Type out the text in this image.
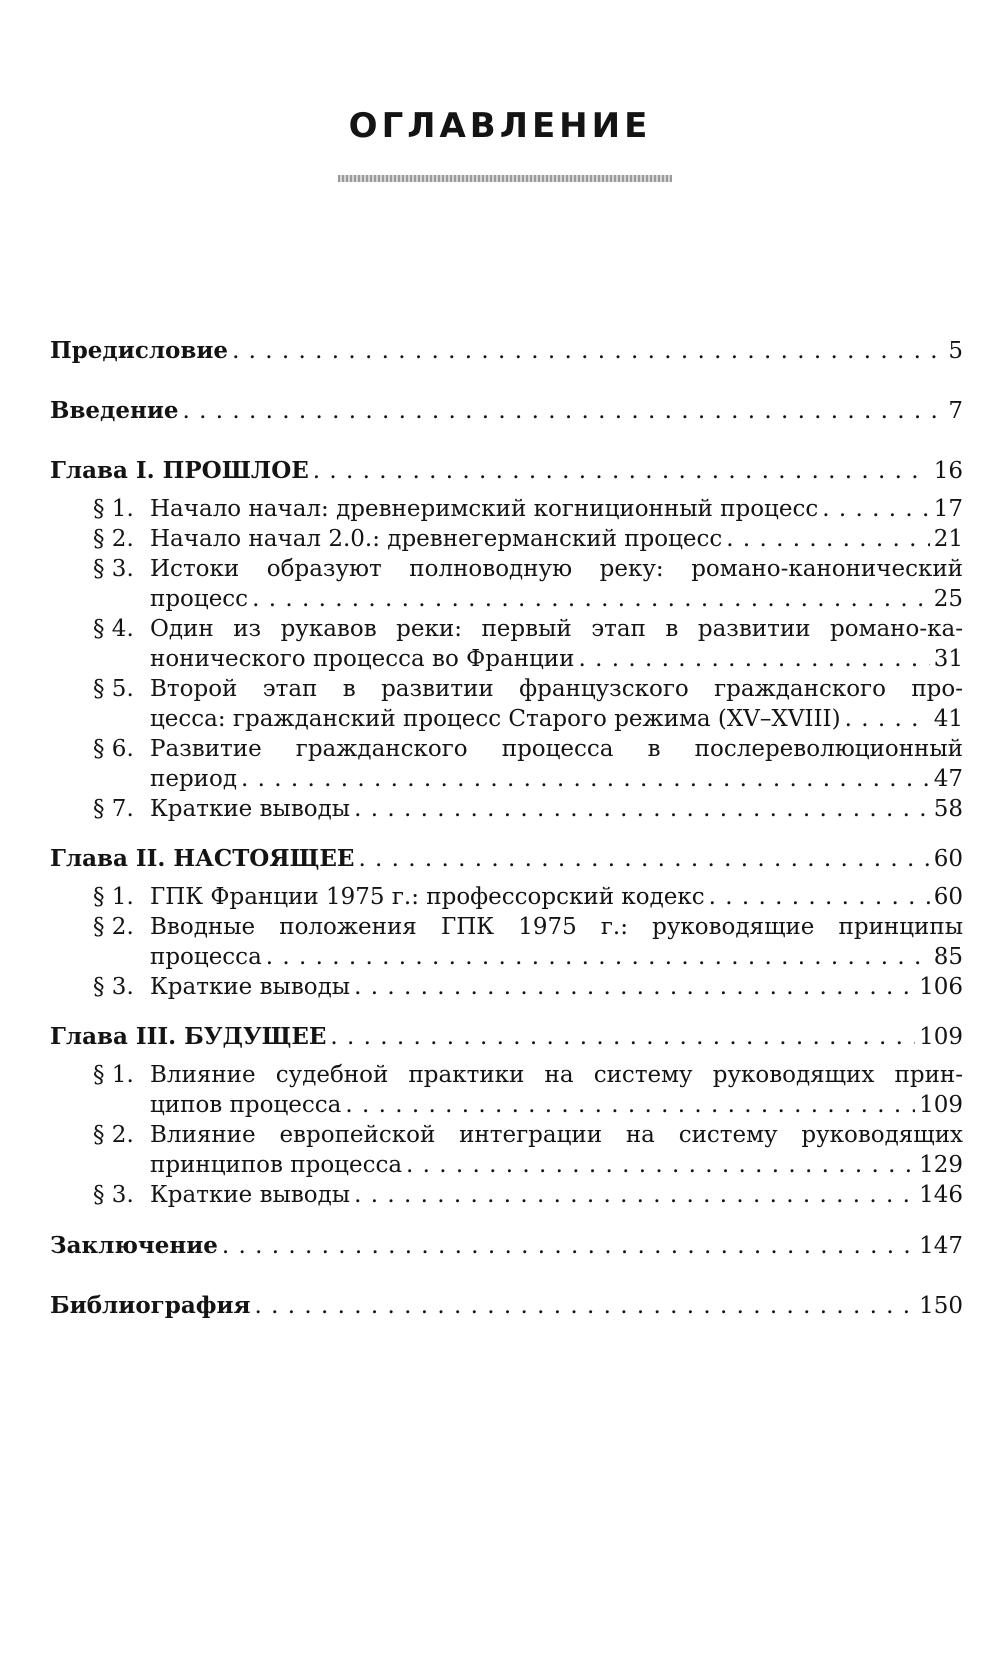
ОГЛАВЛЕНИЕ
Предисловие . . .	5
Введение . . .	7
Глава I. ПРОШЛОЕ . . .	16
§ 1. Начало начал: древнеримский когниционный процесс . . .	17
§ 2. Начало начал 2.0.: древнегерманский процесс . . .	21
§ 3. Истоки образуют полноводную реку: романо-канонический
процесс . . .	25
§ 4. Один из рукавов реки: первый этап в развитии романо-ка-
нонического процесса во Франции . . .	31
§ 5. Второй этап в развитии французского гражданского про-
цесса: гражданский процесс Старого режима (XV–XVIII) . . .	41
§ 6. Развитие гражданского процесса в послереволюционный
период . . .	47
§ 7. Краткие выводы . . .	58
Глава II. НАСТОЯЩЕЕ . . .	60
§ 1. ГПК Франции 1975 г.: профессорский кодекс . . .	60
§ 2. Вводные положения ГПК 1975 г.: руководящие принципы
процесса . . .	85
§ 3. Краткие выводы . . .	106
Глава III. БУДУЩЕЕ . . .	109
§ 1. Влияние судебной практики на систему руководящих прин-
ципов процесса . . .	109
§ 2. Влияние европейской интеграции на систему руководящих
принципов процесса . . .	129
§ 3. Краткие выводы . . .	146
Заключение . . .	147
Библиография . . .	150
